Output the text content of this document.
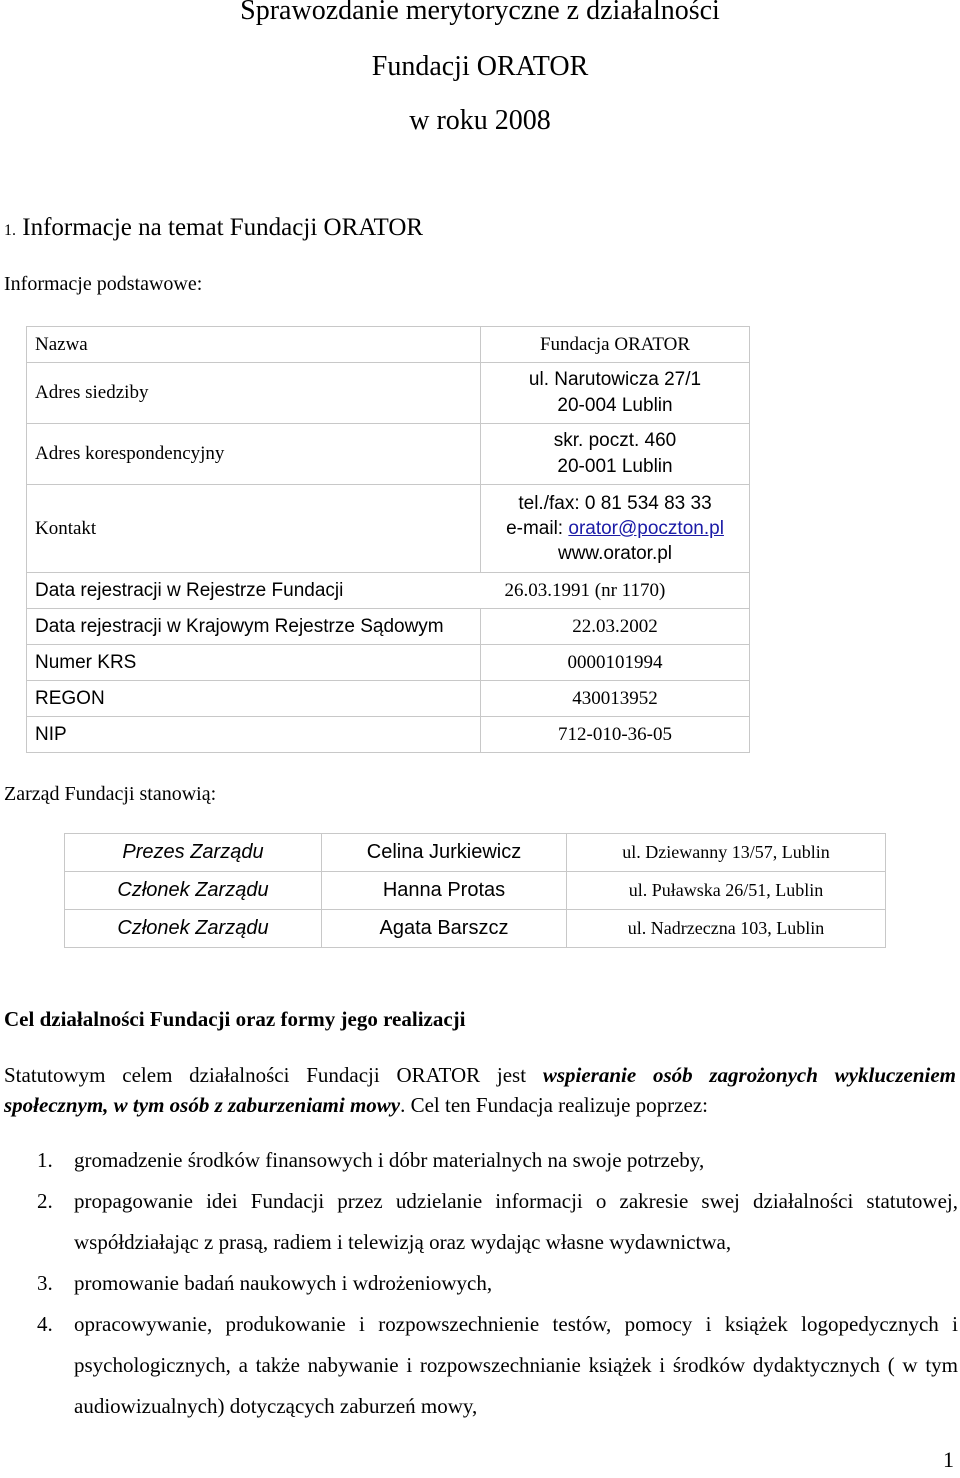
Sprawozdanie merytoryczne z działalności
Fundacji ORATOR
w roku 2008
1. Informacje na temat Fundacji ORATOR
Informacje podstawowe:
Nazwa	Fundacja ORATOR
Adres siedziby	ul. Narutowicza 27/1
20-004 Lublin

Adres korespondencyjny	skr. poczt. 460
20-001 Lublin

Kontakt	tel./fax: 0 81 534 83 33
e-mail: orator@poczton.pl
www.orator.pl

Data rejestracji w Rejestrze Fundacji	26.03.1991 (nr 1170)
Data rejestracji w Krajowym Rejestrze Sądowym	22.03.2002
Numer KRS	0000101994
REGON	430013952
NIP	712-010-36-05
Zarząd Fundacji stanowią:
Prezes Zarządu	Celina Jurkiewicz	ul. Dziewanny 13/57, Lublin
Członek Zarządu	Hanna Protas	ul. Puławska 26/51, Lublin
Członek Zarządu	Agata Barszcz	ul. Nadrzeczna 103, Lublin
Cel działalności Fundacji oraz formy jego realizacji
Statutowym celem działalności Fundacji ORATOR jest wspieranie osób zagrożonych wykluczeniem społecznym, w tym osób z zaburzeniami mowy. Cel ten Fundacja realizuje poprzez:
1. gromadzenie środków finansowych i dóbr materialnych na swoje potrzeby,
2. propagowanie idei Fundacji przez udzielanie informacji o zakresie swej działalności statutowej, współdziałając z prasą, radiem i telewizją oraz wydając własne wydawnictwa,
3. promowanie badań naukowych i wdrożeniowych,
4. opracowywanie, produkowanie i rozpowszechnienie testów, pomocy i książek logopedycznych i psychologicznych, a także nabywanie i rozpowszechnianie książek i środków dydaktycznych ( w tym audiowizualnych) dotyczących zaburzeń mowy,
1
